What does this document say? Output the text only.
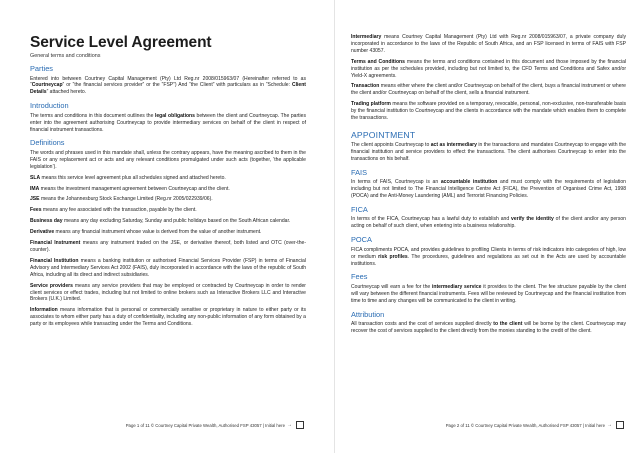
Service Level Agreement
General terms and conditions
Parties

Entered into between Courtney Capital Management (Pty) Ltd Reg.nr 2008/015963/07 (Hereinafter referred to as “Courtneycap” or “the financial services provider” or the “FSP”) And “the Client” with particulars as in “Schedule: Client Details” attached hereto.

Introduction

The terms and conditions in this document outlines the legal obligations between the client and Courtneycap. The parties enter into the agreement authorising Courtneycap to provide intermediary services on behalf of the client in respect of financial instrument transactions.

Definitions

The words and phrases used in this mandate shall, unless the contrary appears, have the meaning ascribed to them in the FAIS or any replacement act or acts and any relevant conditions promulgated under such acts (together, ‘the applicable legislation’).

SLA means this service level agreement plus all schedules signed and attached hereto.

IMA means the investment management agreement between Courtneycap and the client.

JSE means the Johannesburg Stock Exchange Limited (Reg.nr 2005/022939/06).

Fees means any fee associated with the transaction, payable by the client.

Business day means any day excluding Saturday, Sunday and public holidays based on the South African calendar.

Derivative means any financial instrument whose value is derived from the value of another instrument.

Financial Instrument means any instrument traded on the JSE, or derivative thereof, both listed and OTC (over-the-counter).

Financial Institution means a banking institution or authorised Financial Services Provider (FSP) in terms of Financial Advisory and Intermediary Services Act 2002 (FAIS), duly incorporated in accordance with the laws of the republic of South Africa, including all its direct and indirect subsidiaries.

Service providers means any service providers that may be employed or contracted by Courtneycap in order to render client services or effect trades, including but not limited to online brokers such as Interactive Brokers LLC and Interactive Brokers (U.K.) Limited.

Information means information that is personal or commercially sensitive or proprietary in nature to either party or its associates to whom either party has a duty of confidentiality, including any non-public information of any form obtained by a party or its employees while transacting under the Terms and Conditions.

Page 1 of 11 © Courtney Capital Private Wealth, Authorised FSP 43057 | Initial here →

Intermediary means Courtney Capital Management (Pty) Ltd with Reg.nr 2008/015963/07, a private company duly incorporated in accordance to the laws of the Republic of South Africa, and an FSP licensed in terms of FAIS with FSP number 43057.

Terms and Conditions means the terms and conditions contained in this document and those imposed by the financial institution as per the schedules provided, including but not limited to, the CFD Terms and Conditions and Safex and/or Yield-X agreements.

Transaction means either where the client and/or Courtneycap on behalf of the client, buys a financial instrument or where the client and/or Courtneycap on behalf of the client, sells a financial instrument.

Trading platform means the software provided on a temporary, revocable, personal, non-exclusive, non-transferable basis by the financial institution to Courtneycap and the clients in accordance with the mandate which enables them to complete the transactions.

APPOINTMENT

The client appoints Courtneycap to act as intermediary in the transactions and mandates Courtneycap to engage with the financial institution and service providers to effect the transactions. The client authorises Courtneycap to enter into the transactions on his behalf.

FAIS

In terms of FAIS, Courtneycap is an accountable institution and must comply with the requirements of legislation including but not limited to The Financial Intelligence Centre Act (FICA), the Prevention of Organised Crime Act, 1998 (POCA) and the Anti-Money Laundering (AML) and Terrorist Financing Policies.

FICA

In terms of the FICA, Courtneycap has a lawful duty to establish and verify the identity of the client and/or any person acting on behalf of such client, when entering into a business relationship.

POCA

FICA compliments POCA, and provides guidelines to profiling Clients in terms of risk indicators into categories of high, low or medium risk profiles. The procedures, guidelines and regulations as set out in the Acts are used by accountable institutions.

Fees

Courtneycap will earn a fee for the intermediary service it provides to the client. The fee structure payable by the client will vary between the different financial instruments. Fees will be reviewed by Courtneycap and the financial institution from time to time and any changes will be communicated to the client in writing.

Attribution

All transaction costs and the cost of services supplied directly to the client will be borne by the client. Courtneycap may recover the cost of services supplied to the client directly from the monies standing to the credit of the client.

Page 2 of 11 © Courtney Capital Private Wealth, Authorised FSP 43057 | Initial here →
